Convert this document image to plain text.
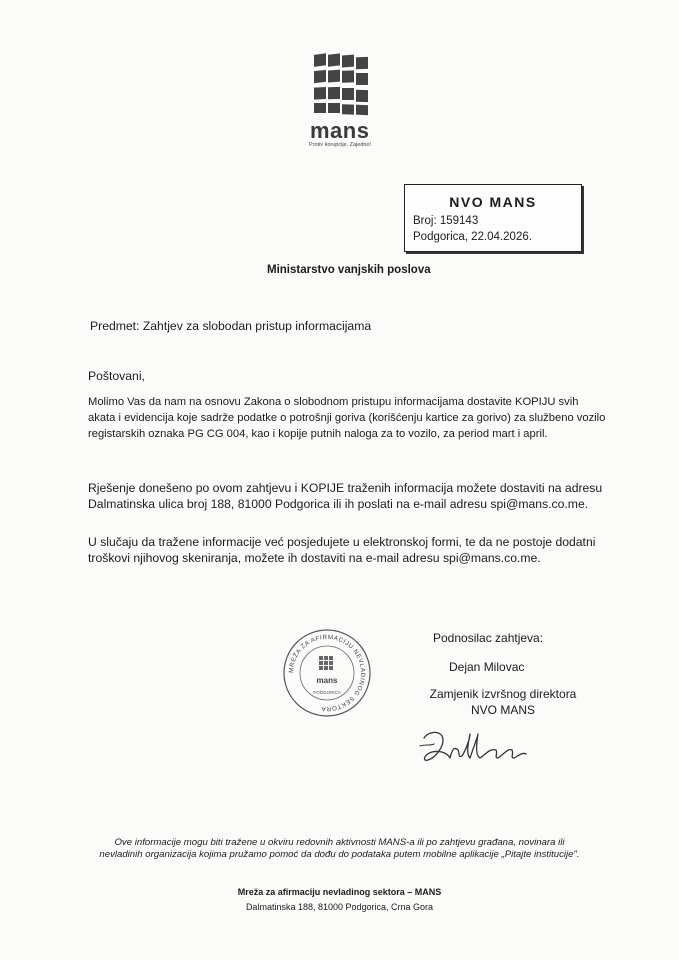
mans
Protiv korupcije. Zajedno!
NVO MANS
Broj: 159143
Podgorica, 22.04.2026.
Ministarstvo vanjskih poslova
Predmet: Zahtjev za slobodan pristup informacijama
Poštovani,
Molimo Vas da nam na osnovu Zakona o slobodnom pristupu informacijama dostavite KOPIJU svih akata i evidencija koje sadrže podatke o potrošnji goriva (korišćenju kartice za gorivo) za službeno vozilo registarskih oznaka PG CG 004, kao i kopije putnih naloga za to vozilo, za period mart i april.
Rješenje donešeno po ovom zahtjevu i KOPIJE traženih informacija možete dostaviti na adresu Dalmatinska ulica broj 188, 81000 Podgorica ili ih poslati na e-mail adresu spi@mans.co.me.
U slučaju da tražene informacije već posjedujete u elektronskoj formi, te da ne postoje dodatni troškovi njihovog skeniranja, možete ih dostaviti na e-mail adresu spi@mans.co.me.
MREŽA ZA AFIRMACIJU NEVLADINOG SEKTORA
mans
PODGORICA
Podnosilac zahtjeva:
Dejan Milovac
Zamjenik izvršnog direktora
NVO MANS
Ove informacije mogu biti tražene u okviru redovnih aktivnosti MANS-a ili po zahtjevu građana, novinara ili nevladinih organizacija kojima pružamo pomoć da dođu do podataka putem mobilne aplikacije „Pitajte institucije".
Mreža za afirmaciju nevladinog sektora – MANS
Dalmatinska 188, 81000 Podgorica, Crna Gora
